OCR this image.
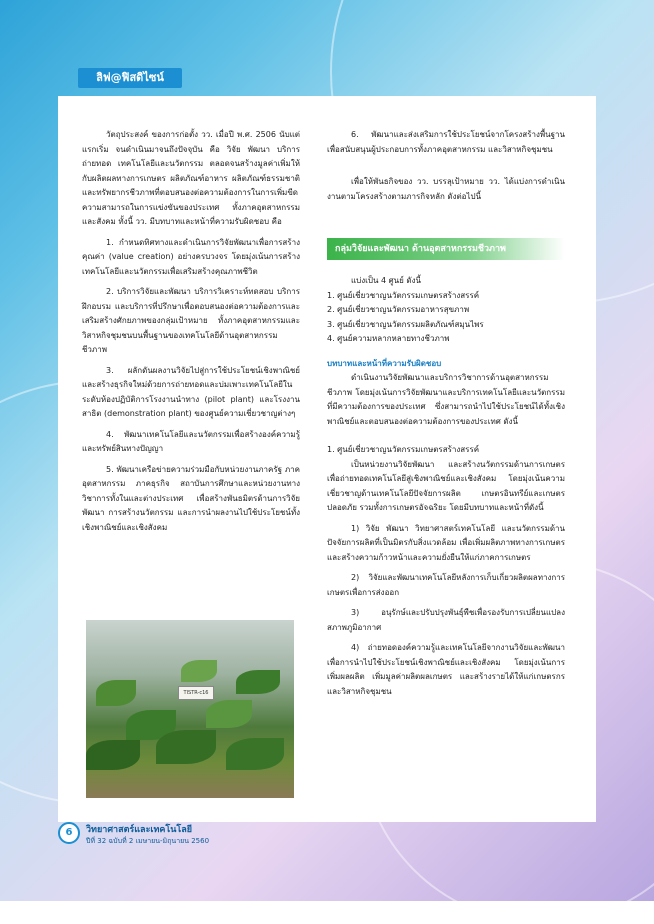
ลิฟ@ฟิสดิไซน์

วัตถุประสงค์ ของการก่อตั้ง วว. เมื่อปี พ.ศ. 2506 นับแต่แรกเริ่ม จนดำเนินมาจนถึงปัจจุบัน คือ วิจัย พัฒนา บริการ ถ่ายทอด เทคโนโลยีและนวัตกรรม ตลอดจนสร้างมูลค่าเพิ่มให้กับผลิตผลทางการเกษตร ผลิตภัณฑ์อาหาร ผลิตภัณฑ์ธรรมชาติ และทรัพยากรชีวภาพที่ตอบสนองต่อความต้องการในการเพิ่มขีดความสามารถในการแข่งขันของประเทศ ทั้งภาคอุตสาหกรรมและสังคม ทั้งนี้ วว. มีบทบาทและหน้าที่ความรับผิดชอบ คือ

1. กำหนดทิศทางและดำเนินการวิจัยพัฒนาเพื่อการสร้างคุณค่า (value creation) อย่างครบวงจร โดยมุ่งเน้นการสร้างเทคโนโลยีและนวัตกรรมเพื่อเสริมสร้างคุณภาพชีวิต

2. บริการวิจัยและพัฒนา บริการวิเคราะห์ทดสอบ บริการฝึกอบรม และบริการที่ปรึกษาเพื่อตอบสนองต่อความต้องการและเสริมสร้างศักยภาพของกลุ่มเป้าหมาย ทั้งภาคอุตสาหกรรมและวิสาหกิจชุมชนบนพื้นฐานของเทคโนโลยีด้านอุตสาหกรรมชีวภาพ

3. ผลักดันผลงานวิจัยไปสู่การใช้ประโยชน์เชิงพาณิชย์และสร้างธุรกิจใหม่ด้วยการถ่ายทอดและบ่มเพาะเทคโนโลยีในระดับห้องปฏิบัติการโรงงานนำทาง (pilot plant) และโรงงานสาธิต (demonstration plant) ของศูนย์ความเชี่ยวชาญต่างๆ

4. พัฒนาเทคโนโลยีและนวัตกรรมเพื่อสร้างองค์ความรู้และทรัพย์สินทางปัญญา

5. พัฒนาเครือข่ายความร่วมมือกับหน่วยงานภาครัฐ ภาคอุตสาหกรรม ภาคธุรกิจ สถาบันการศึกษาและหน่วยงานทางวิชาการทั้งในและต่างประเทศ เพื่อสร้างพันธมิตรด้านการวิจัยพัฒนา การสร้างนวัตกรรม และการนำผลงานไปใช้ประโยชน์ทั้งเชิงพาณิชย์และเชิงสังคม

6. พัฒนาและส่งเสริมการใช้ประโยชน์จากโครงสร้างพื้นฐานเพื่อสนับสนุนผู้ประกอบการทั้งภาคอุตสาหกรรม และวิสาหกิจชุมชน

เพื่อให้พันธกิจของ วว. บรรลุเป้าหมาย วว. ได้แบ่งการดำเนินงานตามโครงสร้างตามภารกิจหลัก ดังต่อไปนี้

กลุ่มวิจัยและพัฒนา ด้านอุตสาหกรรมชีวภาพ

แบ่งเป็น 4 ศูนย์ ดังนี้

1. ศูนย์เชี่ยวชาญนวัตกรรมเกษตรสร้างสรรค์

2. ศูนย์เชี่ยวชาญนวัตกรรมอาหารสุขภาพ

3. ศูนย์เชี่ยวชาญนวัตกรรมผลิตภัณฑ์สมุนไพร

4. ศูนย์ความหลากหลายทางชีวภาพ

บทบาทและหน้าที่ความรับผิดชอบ

ดำเนินงานวิจัยพัฒนาและบริการวิชาการด้านอุตสาหกรรมชีวภาพ โดยมุ่งเน้นการวิจัยพัฒนาและบริการเทคโนโลยีและนวัตกรรมที่มีความต้องการของประเทศ ซึ่งสามารถนำไปใช้ประโยชน์ได้ทั้งเชิงพาณิชย์และตอบสนองต่อความต้องการของประเทศ ดังนี้

1. ศูนย์เชี่ยวชาญนวัตกรรมเกษตรสร้างสรรค์

เป็นหน่วยงานวิจัยพัฒนา และสร้างนวัตกรรมด้านการเกษตร เพื่อถ่ายทอดเทคโนโลยีสู่เชิงพาณิชย์และเชิงสังคม โดยมุ่งเน้นความเชี่ยวชาญด้านเทคโนโลยีปัจจัยการผลิต เกษตรอินทรีย์และเกษตรปลอดภัย รวมทั้งการเกษตรอัจฉริยะ โดยมีบทบาทและหน้าที่ดังนี้

1) วิจัย พัฒนา วิทยาศาสตร์เทคโนโลยี และนวัตกรรมด้านปัจจัยการผลิตที่เป็นมิตรกับสิ่งแวดล้อม เพื่อเพิ่มผลิตภาพทางการเกษตร และสร้างความก้าวหน้าและความยั่งยืนให้แก่ภาคการเกษตร

2) วิจัยและพัฒนาเทคโนโลยีหลังการเก็บเกี่ยวผลิตผลทางการเกษตรเพื่อการส่งออก

3) อนุรักษ์และปรับปรุงพันธุ์พืชเพื่อรองรับการเปลี่ยนแปลงสภาพภูมิอากาศ

4) ถ่ายทอดองค์ความรู้และเทคโนโลยีจากงานวิจัยและพัฒนาเพื่อการนำไปใช้ประโยชน์เชิงพาณิชย์และเชิงสังคม โดยมุ่งเน้นการเพิ่มผลผลิต เพิ่มมูลค่าผลิตผลเกษตร และสร้างรายได้ให้แก่เกษตรกรและวิสาหกิจชุมชน

TISTR-c16
6	วิทยาศาสตร์และเทคโนโลยี
ปีที่ 32 ฉบับที่ 2 เมษายน-มิถุนายน 2560
